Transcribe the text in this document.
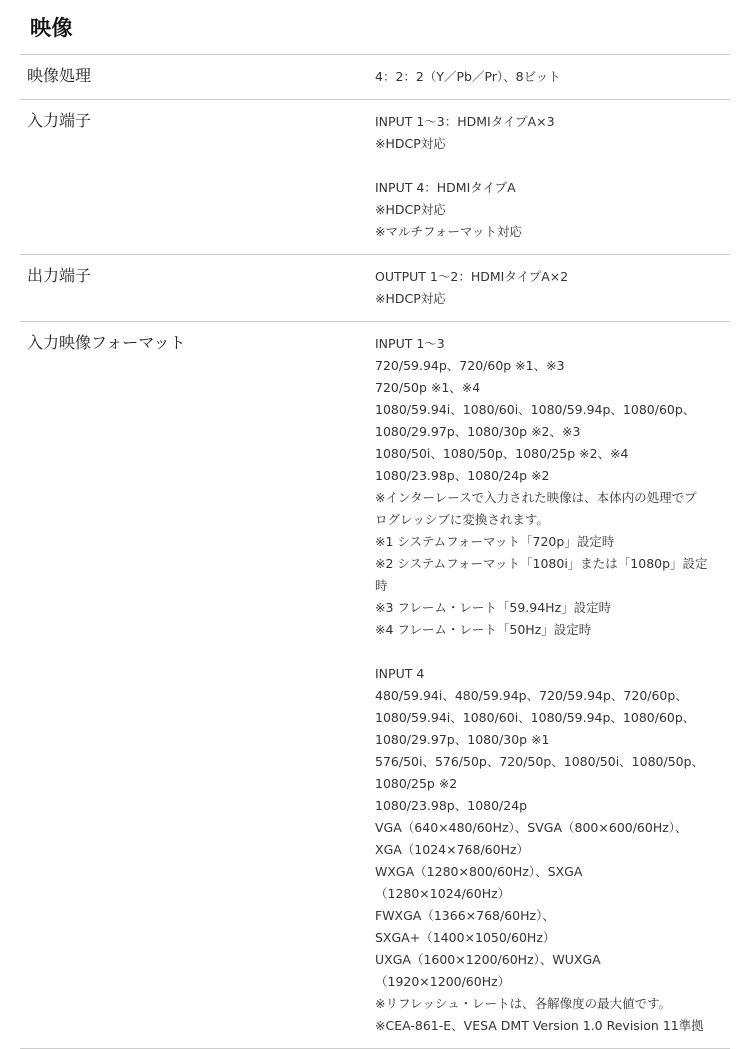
映像
映像処理	4：2：2（Y／Pb／Pr）、8ビット
入力端子	INPUT 1〜3：HDMIタイプA×3
※HDCP対応
INPUT 4：HDMIタイプA
※HDCP対応
※マルチフォーマット対応
出力端子	OUTPUT 1〜2：HDMIタイプA×2
※HDCP対応
入力映像フォーマット	INPUT 1〜3
720/59.94p、720/60p ※1、※3
720/50p ※1、※4
1080/59.94i、1080/60i、1080/59.94p、1080/60p、
1080/29.97p、1080/30p ※2、※3
1080/50i、1080/50p、1080/25p ※2、※4
1080/23.98p、1080/24p ※2
※インターレースで入力された映像は、本体内の処理でプ
ログレッシブに変換されます。
※1 システムフォーマット「720p」設定時
※2 システムフォーマット「1080i」または「1080p」設定
時
※3 フレーム・レート「59.94Hz」設定時
※4 フレーム・レート「50Hz」設定時
INPUT 4
480/59.94i、480/59.94p、720/59.94p、720/60p、
1080/59.94i、1080/60i、1080/59.94p、1080/60p、
1080/29.97p、1080/30p ※1
576/50i、576/50p、720/50p、1080/50i、1080/50p、
1080/25p ※2
1080/23.98p、1080/24p
VGA（640×480/60Hz）、SVGA（800×600/60Hz）、
XGA（1024×768/60Hz）
WXGA（1280×800/60Hz）、SXGA
（1280×1024/60Hz）
FWXGA（1366×768/60Hz）、
SXGA+（1400×1050/60Hz）
UXGA（1600×1200/60Hz）、WUXGA
（1920×1200/60Hz）
※リフレッシュ・レートは、各解像度の最大値です。
※CEA-861-E、VESA DMT Version 1.0 Revision 11準拠
